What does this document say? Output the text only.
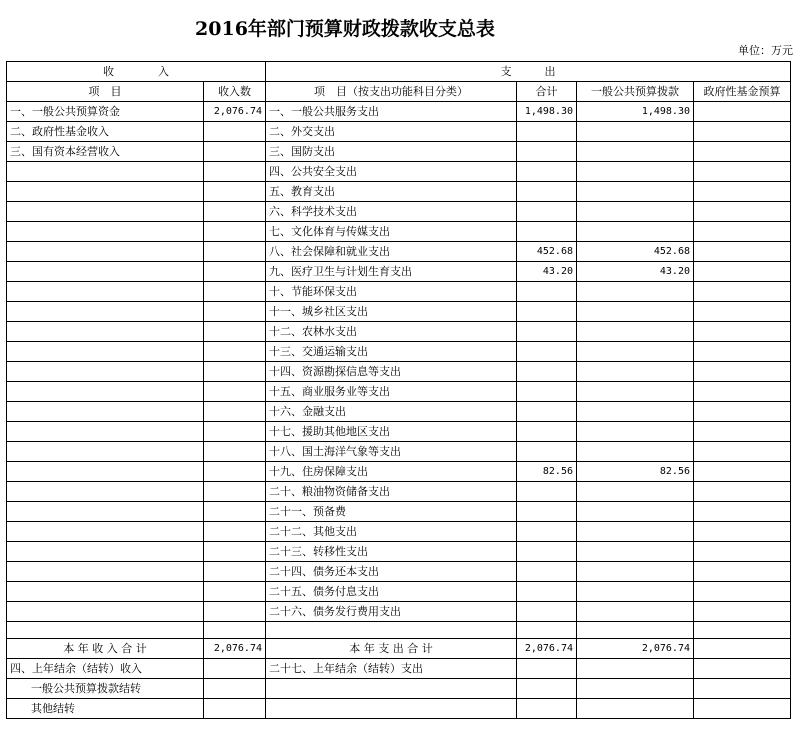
2016年部门预算财政拨款收支总表
单位：万元
收　　　　入		支　　　出			
项　目	收入数	项　目（按支出功能科目分类）	合计	一般公共预算拨款	政府性基金预算
一、一般公共预算资金	2,076.74	一、一般公共服务支出	1,498.30	1,498.30	
二、政府性基金收入		二、外交支出			
三、国有资本经营收入		三、国防支出			
		四、公共安全支出			
		五、教育支出			
		六、科学技术支出			
		七、文化体育与传媒支出			
		八、社会保障和就业支出	452.68	452.68	
		九、医疗卫生与计划生育支出	43.20	43.20	
		十、节能环保支出			
		十一、城乡社区支出			
		十二、农林水支出			
		十三、交通运输支出			
		十四、资源勘探信息等支出			
		十五、商业服务业等支出			
		十六、金融支出			
		十七、援助其他地区支出			
		十八、国土海洋气象等支出			
		十九、住房保障支出	82.56	82.56	
		二十、粮油物资储备支出			
		二十一、预备费			
		二十二、其他支出			
		二十三、转移性支出			
		二十四、债务还本支出			
		二十五、债务付息支出			
		二十六、债务发行费用支出			

本 年 收 入 合 计	2,076.74	本 年 支 出 合 计	2,076.74	2,076.74	
四、上年结余（结转）收入		二十七、上年结余（结转）支出			
一般公共预算拨款结转					
其他结转					
